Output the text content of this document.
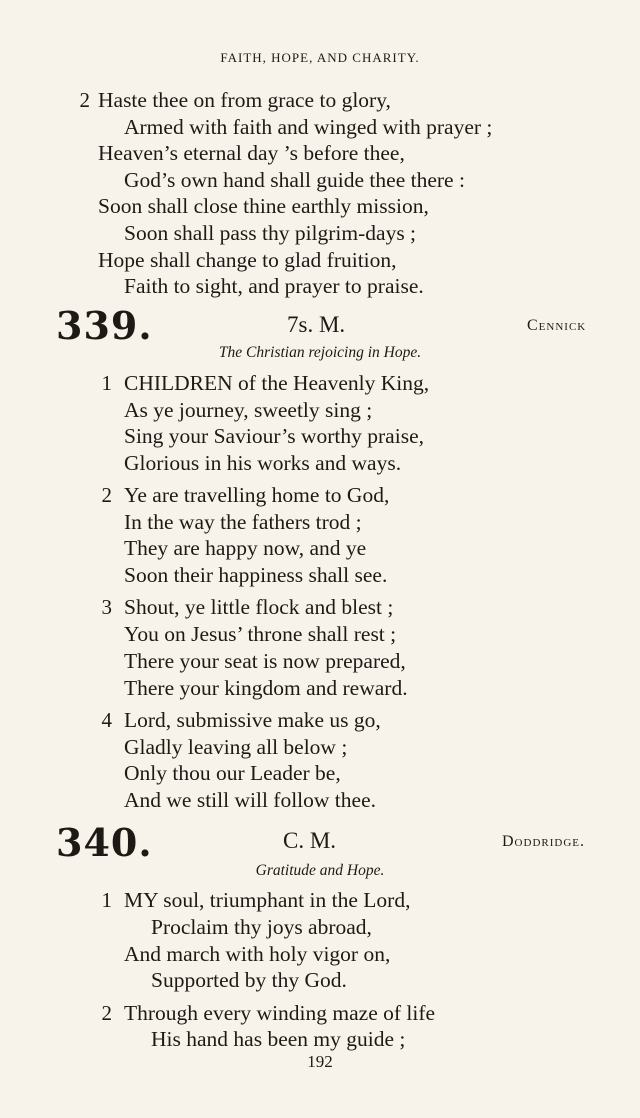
FAITH, HOPE, AND CHARITY.
2 Haste thee on from grace to glory,
Armed with faith and winged with prayer ;
Heaven’s eternal day ’s before thee,
God’s own hand shall guide thee there :
Soon shall close thine earthly mission,
Soon shall pass thy pilgrim-days ;
Hope shall change to glad fruition,
Faith to sight, and prayer to praise.
339.	7s. M.	Cennick
The Christian rejoicing in Hope.
1 CHILDREN of the Heavenly King,
As ye journey, sweetly sing ;
Sing your Saviour’s worthy praise,
Glorious in his works and ways.
2 Ye are travelling home to God,
In the way the fathers trod ;
They are happy now, and ye
Soon their happiness shall see.
3 Shout, ye little flock and blest ;
You on Jesus’ throne shall rest ;
There your seat is now prepared,
There your kingdom and reward.
4 Lord, submissive make us go,
Gladly leaving all below ;
Only thou our Leader be,
And we still will follow thee.
340.	C. M.	Doddridge.
Gratitude and Hope.
1 MY soul, triumphant in the Lord,
Proclaim thy joys abroad,
And march with holy vigor on,
Supported by thy God.
2 Through every winding maze of life
His hand has been my guide ;
192
